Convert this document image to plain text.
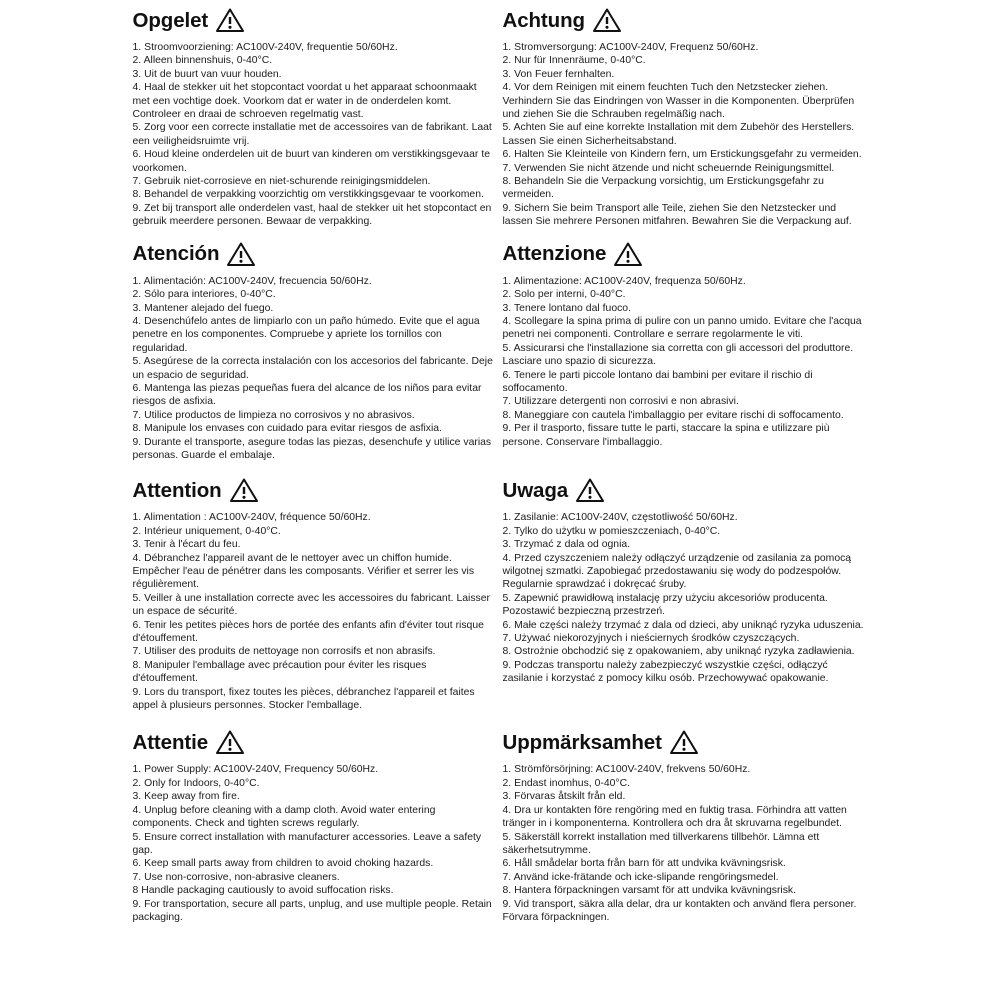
Opgelet
1. Stroomvoorziening: AC100V-240V, frequentie 50/60Hz.
2. Alleen binnenshuis, 0-40°C.
3. Uit de buurt van vuur houden.
4. Haal de stekker uit het stopcontact voordat u het apparaat schoonmaakt met een vochtige doek. Voorkom dat er water in de onderdelen komt. Controleer en draai de schroeven regelmatig vast.
5. Zorg voor een correcte installatie met de accessoires van de fabrikant. Laat een veiligheidsruimte vrij.
6. Houd kleine onderdelen uit de buurt van kinderen om verstikkingsgevaar te voorkomen.
7. Gebruik niet-corrosieve en niet-schurende reinigingsmiddelen.
8. Behandel de verpakking voorzichtig om verstikkingsgevaar te voorkomen.
9. Zet bij transport alle onderdelen vast, haal de stekker uit het stopcontact en gebruik meerdere personen. Bewaar de verpakking.
Achtung
1. Stromversorgung: AC100V-240V, Frequenz 50/60Hz.
2. Nur für Innenräume, 0-40°C.
3. Von Feuer fernhalten.
4. Vor dem Reinigen mit einem feuchten Tuch den Netzstecker ziehen. Verhindern Sie das Eindringen von Wasser in die Komponenten. Überprüfen und ziehen Sie die Schrauben regelmäßig nach.
5. Achten Sie auf eine korrekte Installation mit dem Zubehör des Herstellers. Lassen Sie einen Sicherheitsabstand.
6. Halten Sie Kleinteile von Kindern fern, um Erstickungsgefahr zu vermeiden.
7. Verwenden Sie nicht ätzende und nicht scheuernde Reinigungsmittel.
8. Behandeln Sie die Verpackung vorsichtig, um Erstickungsgefahr zu vermeiden.
9. Sichern Sie beim Transport alle Teile, ziehen Sie den Netzstecker und lassen Sie mehrere Personen mitfahren. Bewahren Sie die Verpackung auf.
Atención
1. Alimentación: AC100V-240V, frecuencia 50/60Hz.
2. Sólo para interiores, 0-40°C.
3. Mantener alejado del fuego.
4. Desenchúfelo antes de limpiarlo con un paño húmedo. Evite que el agua penetre en los componentes. Compruebe y apriete los tornillos con regularidad.
5. Asegúrese de la correcta instalación con los accesorios del fabricante. Deje un espacio de seguridad.
6. Mantenga las piezas pequeñas fuera del alcance de los niños para evitar riesgos de asfixia.
7. Utilice productos de limpieza no corrosivos y no abrasivos.
8. Manipule los envases con cuidado para evitar riesgos de asfixia.
9. Durante el transporte, asegure todas las piezas, desenchufe y utilice varias personas. Guarde el embalaje.
Attenzione
1. Alimentazione: AC100V-240V, frequenza 50/60Hz.
2. Solo per interni, 0-40°C.
3. Tenere lontano dal fuoco.
4. Scollegare la spina prima di pulire con un panno umido. Evitare che l'acqua penetri nei componenti. Controllare e serrare regolarmente le viti.
5. Assicurarsi che l'installazione sia corretta con gli accessori del produttore. Lasciare uno spazio di sicurezza.
6. Tenere le parti piccole lontano dai bambini per evitare il rischio di soffocamento.
7. Utilizzare detergenti non corrosivi e non abrasivi.
8. Maneggiare con cautela l'imballaggio per evitare rischi di soffocamento.
9. Per il trasporto, fissare tutte le parti, staccare la spina e utilizzare più persone. Conservare l'imballaggio.
Attention
1. Alimentation : AC100V-240V, fréquence 50/60Hz.
2. Intérieur uniquement, 0-40°C.
3. Tenir à l'écart du feu.
4. Débranchez l'appareil avant de le nettoyer avec un chiffon humide. Empêcher l'eau de pénétrer dans les composants. Vérifier et serrer les vis régulièrement.
5. Veiller à une installation correcte avec les accessoires du fabricant. Laisser un espace de sécurité.
6. Tenir les petites pièces hors de portée des enfants afin d'éviter tout risque d'étouffement.
7. Utiliser des produits de nettoyage non corrosifs et non abrasifs.
8. Manipuler l'emballage avec précaution pour éviter les risques d'étouffement.
9. Lors du transport, fixez toutes les pièces, débranchez l'appareil et faites appel à plusieurs personnes. Stocker l'emballage.
Uwaga
1. Zasilanie: AC100V-240V, częstotliwość 50/60Hz.
2. Tylko do użytku w pomieszczeniach, 0-40°C.
3. Trzymać z dala od ognia.
4. Przed czyszczeniem należy odłączyć urządzenie od zasilania za pomocą wilgotnej szmatki. Zapobiegać przedostawaniu się wody do podzespołów. Regularnie sprawdzać i dokręcać śruby.
5. Zapewnić prawidłową instalację przy użyciu akcesoriów producenta. Pozostawić bezpieczną przestrzeń.
6. Małe części należy trzymać z dala od dzieci, aby uniknąć ryzyka uduszenia.
7. Używać niekorozyjnych i nieściernych środków czyszczących.
8. Ostrożnie obchodzić się z opakowaniem, aby uniknąć ryzyka zadławienia.
9. Podczas transportu należy zabezpieczyć wszystkie części, odłączyć zasilanie i korzystać z pomocy kilku osób. Przechowywać opakowanie.
Attentie
1. Power Supply: AC100V-240V, Frequency 50/60Hz.
2. Only for Indoors, 0-40°C.
3. Keep away from fire.
4. Unplug before cleaning with a damp cloth. Avoid water entering components. Check and tighten screws regularly.
5. Ensure correct installation with manufacturer accessories. Leave a safety gap.
6. Keep small parts away from children to avoid choking hazards.
7. Use non-corrosive, non-abrasive cleaners.
8 Handle packaging cautiously to avoid suffocation risks.
9. For transportation, secure all parts, unplug, and use multiple people. Retain packaging.
Uppmärksamhet
1. Strömförsörjning: AC100V-240V, frekvens 50/60Hz.
2. Endast inomhus, 0-40°C.
3. Förvaras åtskilt från eld.
4. Dra ur kontakten före rengöring med en fuktig trasa. Förhindra att vatten tränger in i komponenterna. Kontrollera och dra åt skruvarna regelbundet.
5. Säkerställ korrekt installation med tillverkarens tillbehör. Lämna ett säkerhetsutrymme.
6. Håll smådelar borta från barn för att undvika kvävningsrisk.
7. Använd icke-frätande och icke-slipande rengöringsmedel.
8. Hantera förpackningen varsamt för att undvika kvävningsrisk.
9. Vid transport, säkra alla delar, dra ur kontakten och använd flera personer. Förvara förpackningen.
